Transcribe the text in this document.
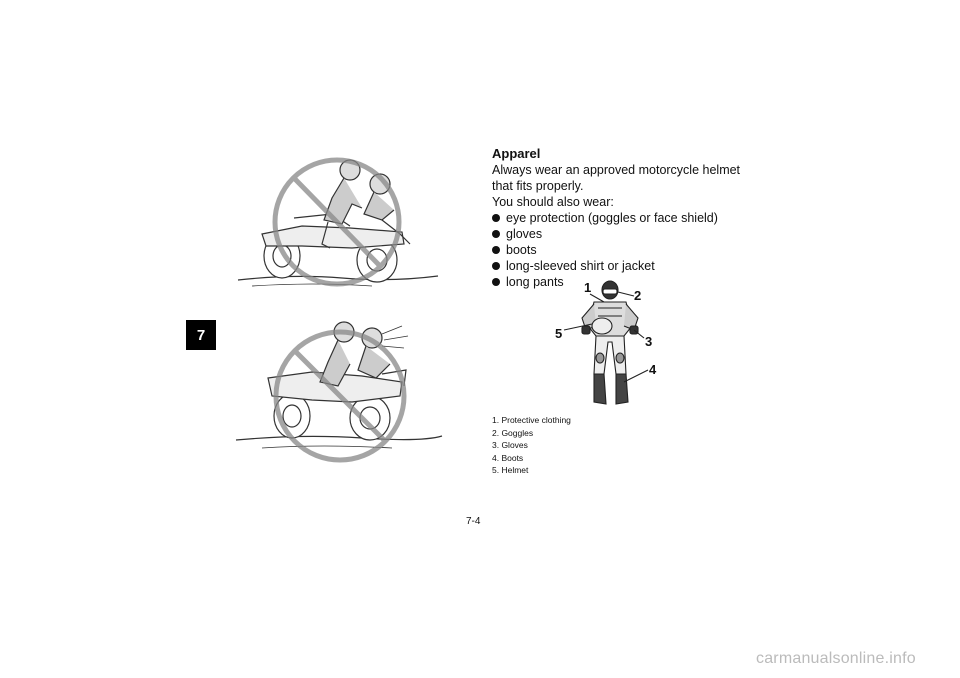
7
Apparel

Always wear an approved motorcycle helmet that fits properly.

You should also wear:

eye protection (goggles or face shield)
gloves
boots
long-sleeved shirt or jacket
long pants 1
2
3
4
5
1. Protective clothing
2. Goggles
3. Gloves
4. Boots
5. Helmet
7-4
carmanualsonline.info
